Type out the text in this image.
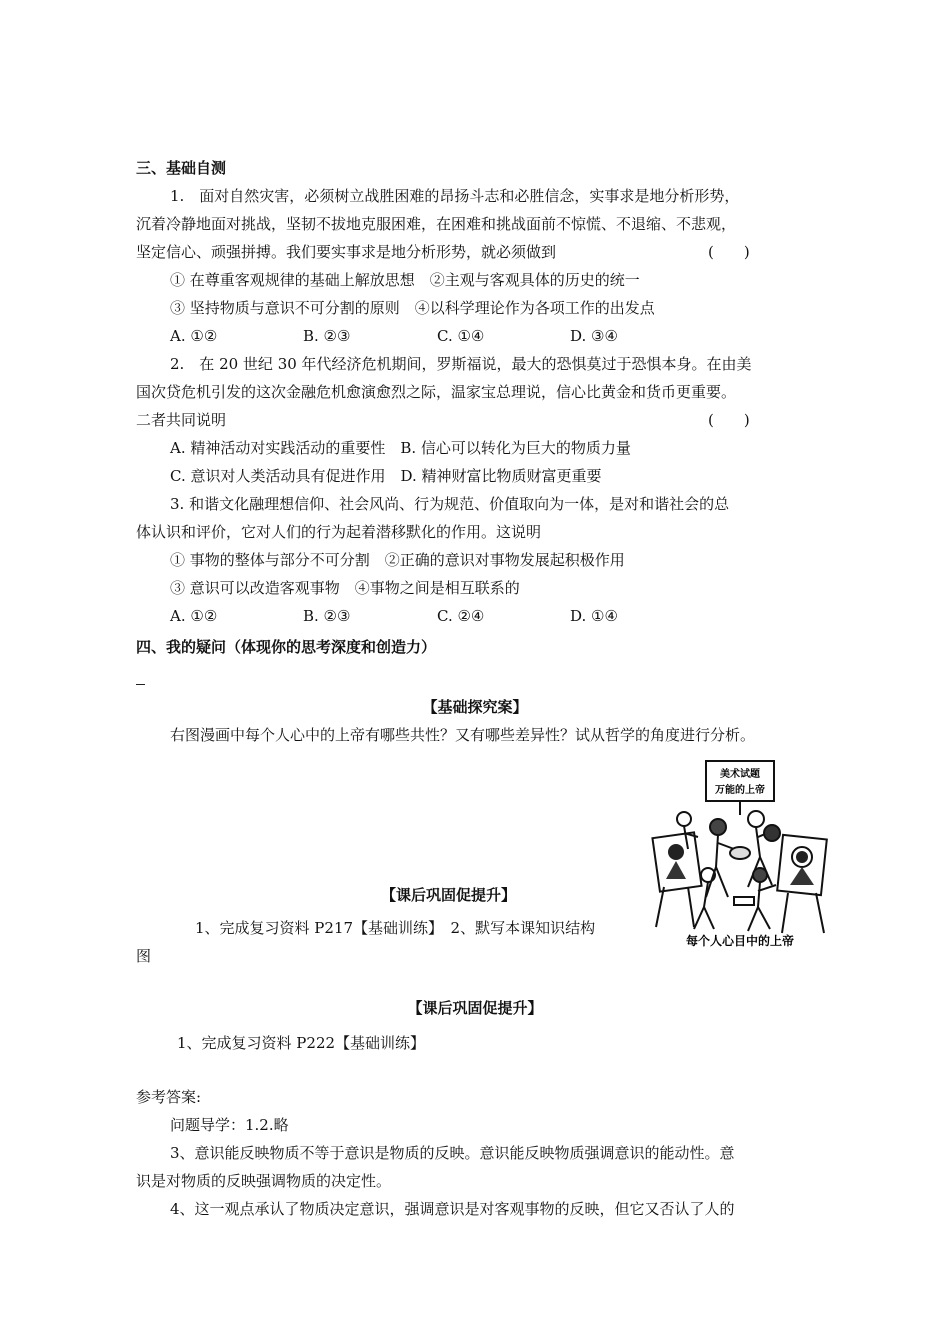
三、基础自测
1.　面对自然灾害，必须树立战胜困难的昂扬斗志和必胜信念，实事求是地分析形势，
沉着冷静地面对挑战，坚韧不拔地克服困难，在困难和挑战面前不惊慌、不退缩、不悲观，
坚定信心、顽强拼搏。我们要实事求是地分析形势，就必须做到	(　　)
① 在尊重客观规律的基础上解放思想　②主观与客观具体的历史的统一
③ 坚持物质与意识不可分割的原则　④以科学理论作为各项工作的出发点
A. ①②	B. ②③	C. ①④	D. ③④
2.　在 20 世纪 30 年代经济危机期间，罗斯福说，最大的恐惧莫过于恐惧本身。在由美
国次贷危机引发的这次金融危机愈演愈烈之际，温家宝总理说，信心比黄金和货币更重要。
二者共同说明	(　　)
A. 精神活动对实践活动的重要性　B. 信心可以转化为巨大的物质力量
C. 意识对人类活动具有促进作用　D. 精神财富比物质财富更重要
3. 和谐文化融理想信仰、社会风尚、行为规范、价值取向为一体，是对和谐社会的总
体认识和评价，它对人们的行为起着潜移默化的作用。这说明
① 事物的整体与部分不可分割　②正确的意识对事物发展起积极作用
③ 意识可以改造客观事物　④事物之间是相互联系的
A. ①②	B. ②③	C. ②④	D. ①④
四、我的疑问（体现你的思考深度和创造力）
【基础探究案】
右图漫画中每个人心中的上帝有哪些共性？又有哪些差异性？试从哲学的角度进行分析。
美术试题
万能的上帝
每个人心目中的上帝
【课后巩固促提升】
1、完成复习资料 P217【基础训练】　2、默写本课知识结构
图
【课后巩固促提升】
1、完成复习资料 P222【基础训练】
参考答案:
问题导学：1.2.略
3、意识能反映物质不等于意识是物质的反映。意识能反映物质强调意识的能动性。意
识是对物质的反映强调物质的决定性。
4、这一观点承认了物质决定意识，强调意识是对客观事物的反映，但它又否认了人的
